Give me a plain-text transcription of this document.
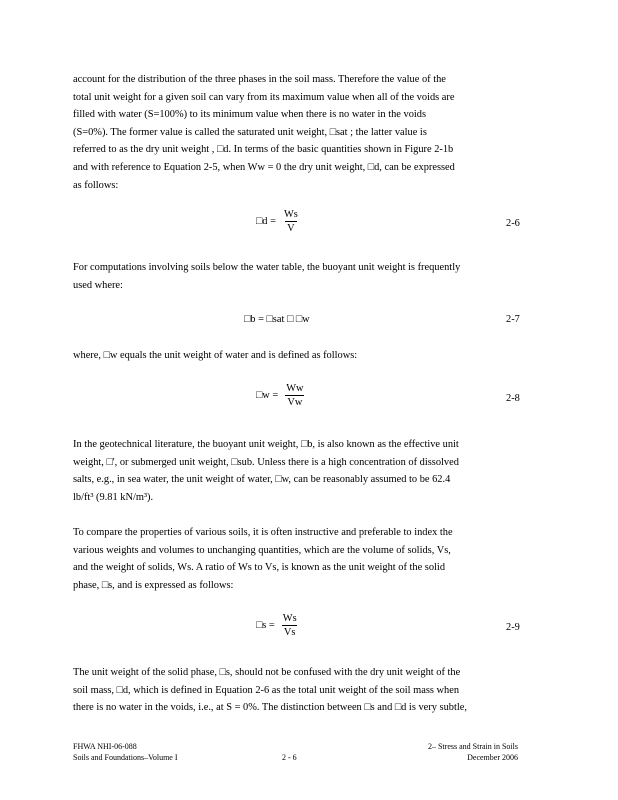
account for the distribution of the three phases in the soil mass. Therefore the value of the
total unit weight for a given soil can vary from its maximum value when all of the voids are
filled with water (S=100%) to its minimum value when there is no water in the voids
(S=0%). The former value is called the saturated unit weight, □sat ; the latter value is
referred to as the dry unit weight , □d. In terms of the basic quantities shown in Figure 2-1b
and with reference to Equation 2-5, when Ww = 0 the dry unit weight, □d, can be expressed
as follows:

□d = $\frac{Ws}{V}$	2-6

For computations involving soils below the water table, the buoyant unit weight is frequently
used where:

□b = □sat □ □w	2-7

where, □w equals the unit weight of water and is defined as follows:

□w = $\frac{Ww}{Vw}$	2-8

In the geotechnical literature, the buoyant unit weight, □b, is also known as the effective unit
weight, □', or submerged unit weight, □sub. Unless there is a high concentration of dissolved
salts, e.g., in sea water, the unit weight of water, □w, can be reasonably assumed to be 62.4
lb/ft³ (9.81 kN/m³).

To compare the properties of various soils, it is often instructive and preferable to index the
various weights and volumes to unchanging quantities, which are the volume of solids, Vs,
and the weight of solids, Ws. A ratio of Ws to Vs, is known as the unit weight of the solid
phase, □s, and is expressed as follows:

□s = $\frac{Ws}{Vs}$	2-9

The unit weight of the solid phase, □s, should not be confused with the dry unit weight of the
soil mass, □d, which is defined in Equation 2-6 as the total unit weight of the soil mass when
there is no water in the voids, i.e., at S = 0%. The distinction between □s and □d is very subtle,

FHWA NHI-06-088
Soils and Foundations–Volume I	2 - 6
2– Stress and Strain in Soils
December 2006
